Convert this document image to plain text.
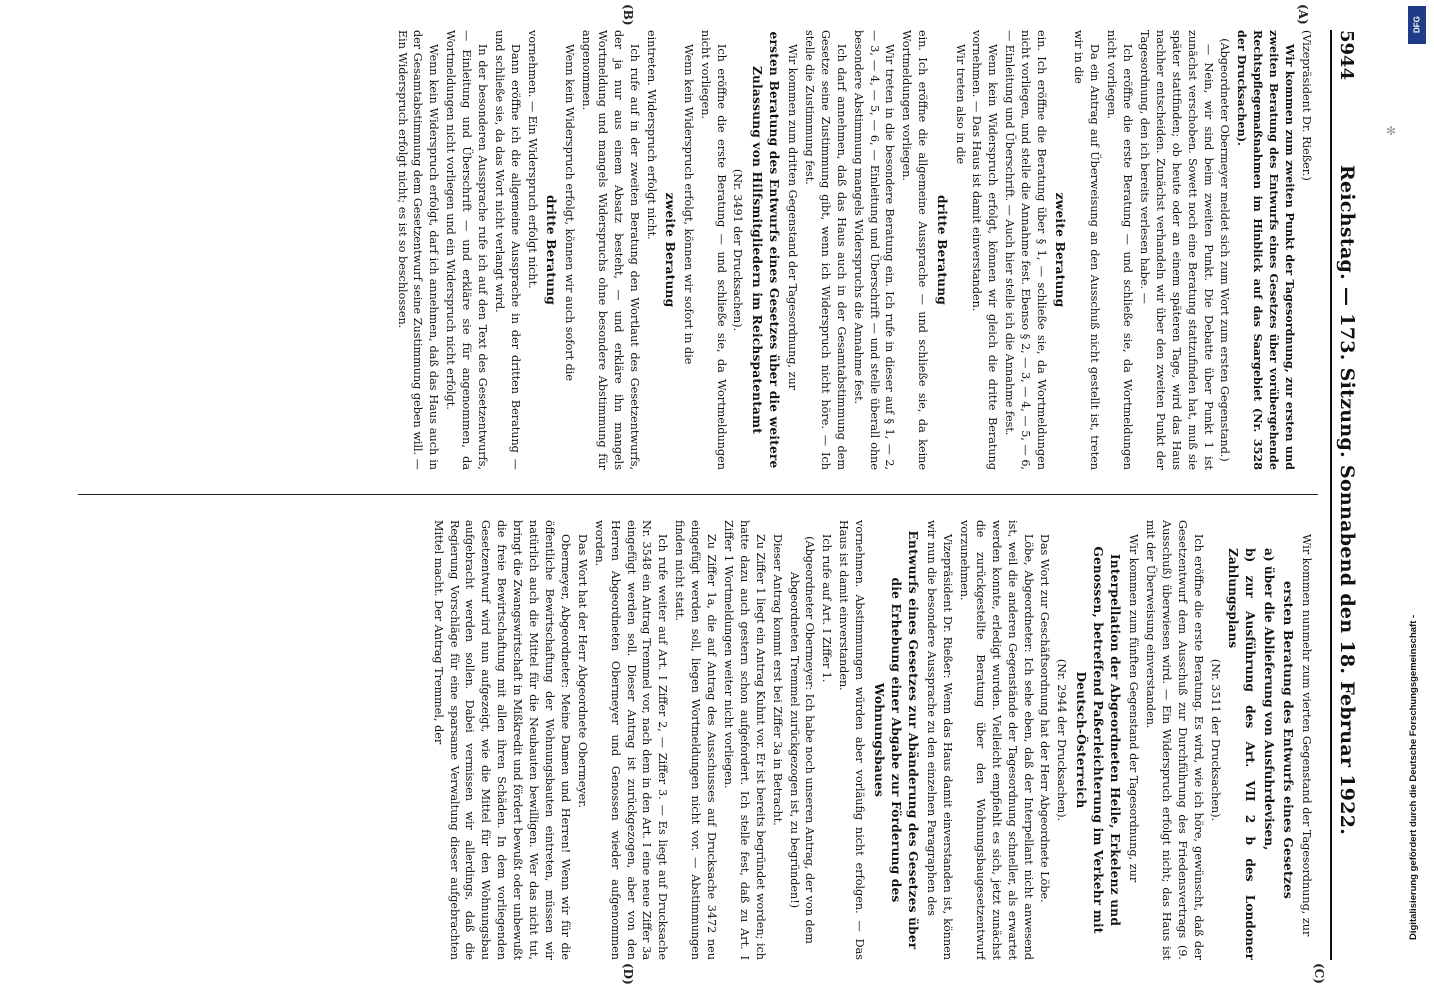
5944
Reichstag. — 173. Sitzung. Sonnabend den 18. Februar 1922.
(A)
(B)
(C)
(D)

(Vizepräsident Dr. Rießer.)

Wir kommen zum zweiten Punkt der Tagesordnung, zur ersten und zweiten Beratung des Entwurfs eines Gesetzes über vorübergehende Rechtspflegemaßnahmen im Hinblick auf das Saargebiet (Nr. 3528 der Drucksachen).

(Abgeordneter Obermeyer meldet sich zum Wort zum ersten Gegenstand.)

— Nein, wir sind beim zweiten Punkt. Die Debatte über Punkt 1 ist zunächst verschoben. Sowett noch eine Beratung stattzufinden hat, muß sie später stattfinden; ob heute oder an einem späteren Tage, wird das Haus nachher entscheiden. Zunächst verhandeln wir über den zweiten Punkt der Tagesordnung, den ich bereits verlesen habe. —

Ich eröffne die erste Beratung — und schließe sie, da Wortmeldungen nicht vorliegen.

Da ein Antrag auf Überweisung an den Ausschuß nicht gestellt ist, treten wir in die

zweite Beratung

ein. Ich eröffne die Beratung über § 1, — schließe sie, da Wortmeldungen nicht vorliegen, und stelle die Annahme fest. Ebenso § 2, — 3, — 4, — 5, — 6, — Einleitung und Überschrift. — Auch hier stelle ich die Annahme fest.

Wenn kein Widerspruch erfolgt, können wir gleich die dritte Beratung vornehmen. — Das Haus ist damit einverstanden.

Wir treten also in die

dritte Beratung

ein. Ich eröffne die allgemeine Aussprache — und schließe sie, da keine Wortmeldungen vorliegen.

Wir treten in die besondere Beratung ein. Ich rufe in dieser auf § 1, — 2, — 3, — 4, — 5, — 6, — Einleitung und Überschrift — und stelle überall ohne besondere Abstimmung mangels Widerspruchs die Annahme fest.

Ich darf annehmen, daß das Haus auch in der Gesamtabstimmung dem Gesetze seine Zustimmung gibt, wenn ich Widerspruch nicht höre. — Ich stelle die Zustimmung fest.

Wir kommen zum dritten Gegenstand der Tagesordnung, zur

ersten Beratung des Entwurfs eines Gesetzes über die weitere Zulassung von Hilfsmitgliedern im Reichspatentamt

(Nr. 3491 der Drucksachen).

Ich eröffne die erste Beratung — und schließe sie, da Wortmeldungen nicht vorliegen.

Wenn kein Widerspruch erfolgt, können wir sofort in die

zweite Beratung

eintreten. Widerspruch erfolgt nicht.

Ich rufe auf in der zweiten Beratung den Wortlaut des Gesetzentwurfs, der ja nur aus einem Absatz besteht, — und erkläre ihn mangels Wortmeldung und mangels Widerspruchs ohne besondere Abstimmung für angenommen.

Wenn kein Widerspruch erfolgt, können wir auch sofort die

dritte Beratung

vornehmen. — Ein Widerspruch erfolgt nicht.

Dann eröffne ich die allgemeine Aussprache in der dritten Beratung — und schließe sie, da das Wort nicht verlangt wird.

In der besonderen Aussprache rufe ich auf den Text des Gesetzentwurfs, — Einleitung und Überschrift — und erkläre sie für angenommen, da Wortmeldungen nicht vorliegen und ein Widerspruch nicht erfolgt.

Wenn kein Widerspruch erfolgt, darf ich annehmen, daß das Haus auch in der Gesamtabstimmung dem Gesetzentwurf seine Zustimmung geben will. — Ein Widerspruch erfolgt nicht; es ist so beschlossen.

Wir kommen nunmehr zum vierten Gegenstand der Tagesordnung, zur

ersten Beratung des Entwurfs eines Gesetzes

a) über die Ablieferung von Ausfuhrdevisen,

b) zur Ausführung des Art. VII 2 b des Londoner Zahlungsplans

(Nr. 3511 der Drucksachen).

Ich eröffne die erste Beratung. Es wird, wie ich höre, gewünscht, daß der Gesetzentwurf dem Ausschuß zur Durchführung des Friedensvertrags (9. Ausschuß) überwiesen wird. — Ein Widerspruch erfolgt nicht; das Haus ist mit der Überweisung einverstanden.

Wir kommen zum fünften Gegenstand der Tagesordnung, zur

Interpellation der Abgeordneten Heile, Erkelenz und Genossen, betreffend Paßerleichterung im Verkehr mit Deutsch-Österreich

(Nr. 2944 der Drucksachen).

Das Wort zur Geschäftsordnung hat der Herr Abgeordnete Löbe.

Löbe, Abgeordneter: Ich sehe eben, daß der Interpellant nicht anwesend ist, weil die anderen Gegenstände der Tagesordnung schneller, als erwartet werden konnte, erledigt wurden. Vielleicht empfiehlt es sich, jetzt zunächst die zurückgestellte Beratung über den Wohnungsbaugesetzentwurf vorzunehmen.

Vizepräsident Dr. Rießer: Wenn das Haus damit einverstanden ist, können wir nun die besondere Aussprache zu den einzelnen Paragraphen des

Entwurfs eines Gesetzes zur Abänderung des Gesetzes über die Erhebung einer Abgabe zur Förderung des Wohnungsbaues

vornehmen. Abstimmungen würden aber vorläufig nicht erfolgen. — Das Haus ist damit einverstanden.

Ich rufe auf Art. I Ziffer 1.

(Abgeordneter Obermeyer: Ich habe noch unseren Antrag, der von dem Abgeordneten Tremmel zurückgezogen ist, zu begründen!)

Dieser Antrag kommt erst bei Ziffer 3a in Betracht.

Zu Ziffer 1 liegt ein Antrag Kuhnt vor. Er ist bereits begründet worden; ich hatte dazu auch gestern schon aufgefordert. Ich stelle fest, daß zu Art. I Ziffer 1 Wortmeldungen weiter nicht vorliegen.

Zu Ziffer 1a, die auf Antrag des Ausschusses auf Drucksache 3472 neu eingefügt werden soll, liegen Wortmeldungen nicht vor. — Abstimmungen finden nicht statt.

Ich rufe weiter auf Art. I Ziffer 2, — Ziffer 3. — Es liegt auf Drucksache Nr. 3548 ein Antrag Tremmel vor, nach dem in den Art. I eine neue Ziffer 3a eingefügt werden soll. Dieser Antrag ist zurückgezogen, aber von den Herren Abgeordneten Obermeyer und Genossen wieder aufgenommen worden.

Das Wort hat der Herr Abgeordnete Obermeyer.

Obermeyer, Abgeordneter: Meine Damen und Herren! Wenn wir für die öffentliche Bewirtschaftung der Wohnungsbauten eintreten, müssen wir natürlich auch die Mittel für die Neubauten bewilligen. Wer das nicht tut, bringt die Zwangswirtschaft in Mißkredit und fördert bewußt oder unbewußt die freie Bewirtschaftung mit allen ihren Schäden. In dem vorliegenden Gesetzentwurf wird nun aufgezeigt, wie die Mittel für den Wohnungsbau aufgebracht werden sollen. Dabei vermissen wir allerdings, daß die Regierung Vorschläge für eine sparsame Verwaltung dieser aufgebrachten Mittel macht. Der Antrag Tremmel, der

DFG
Digitalisierung gefördert durch die Deutsche Forschungsgemeinschaft -
✻
